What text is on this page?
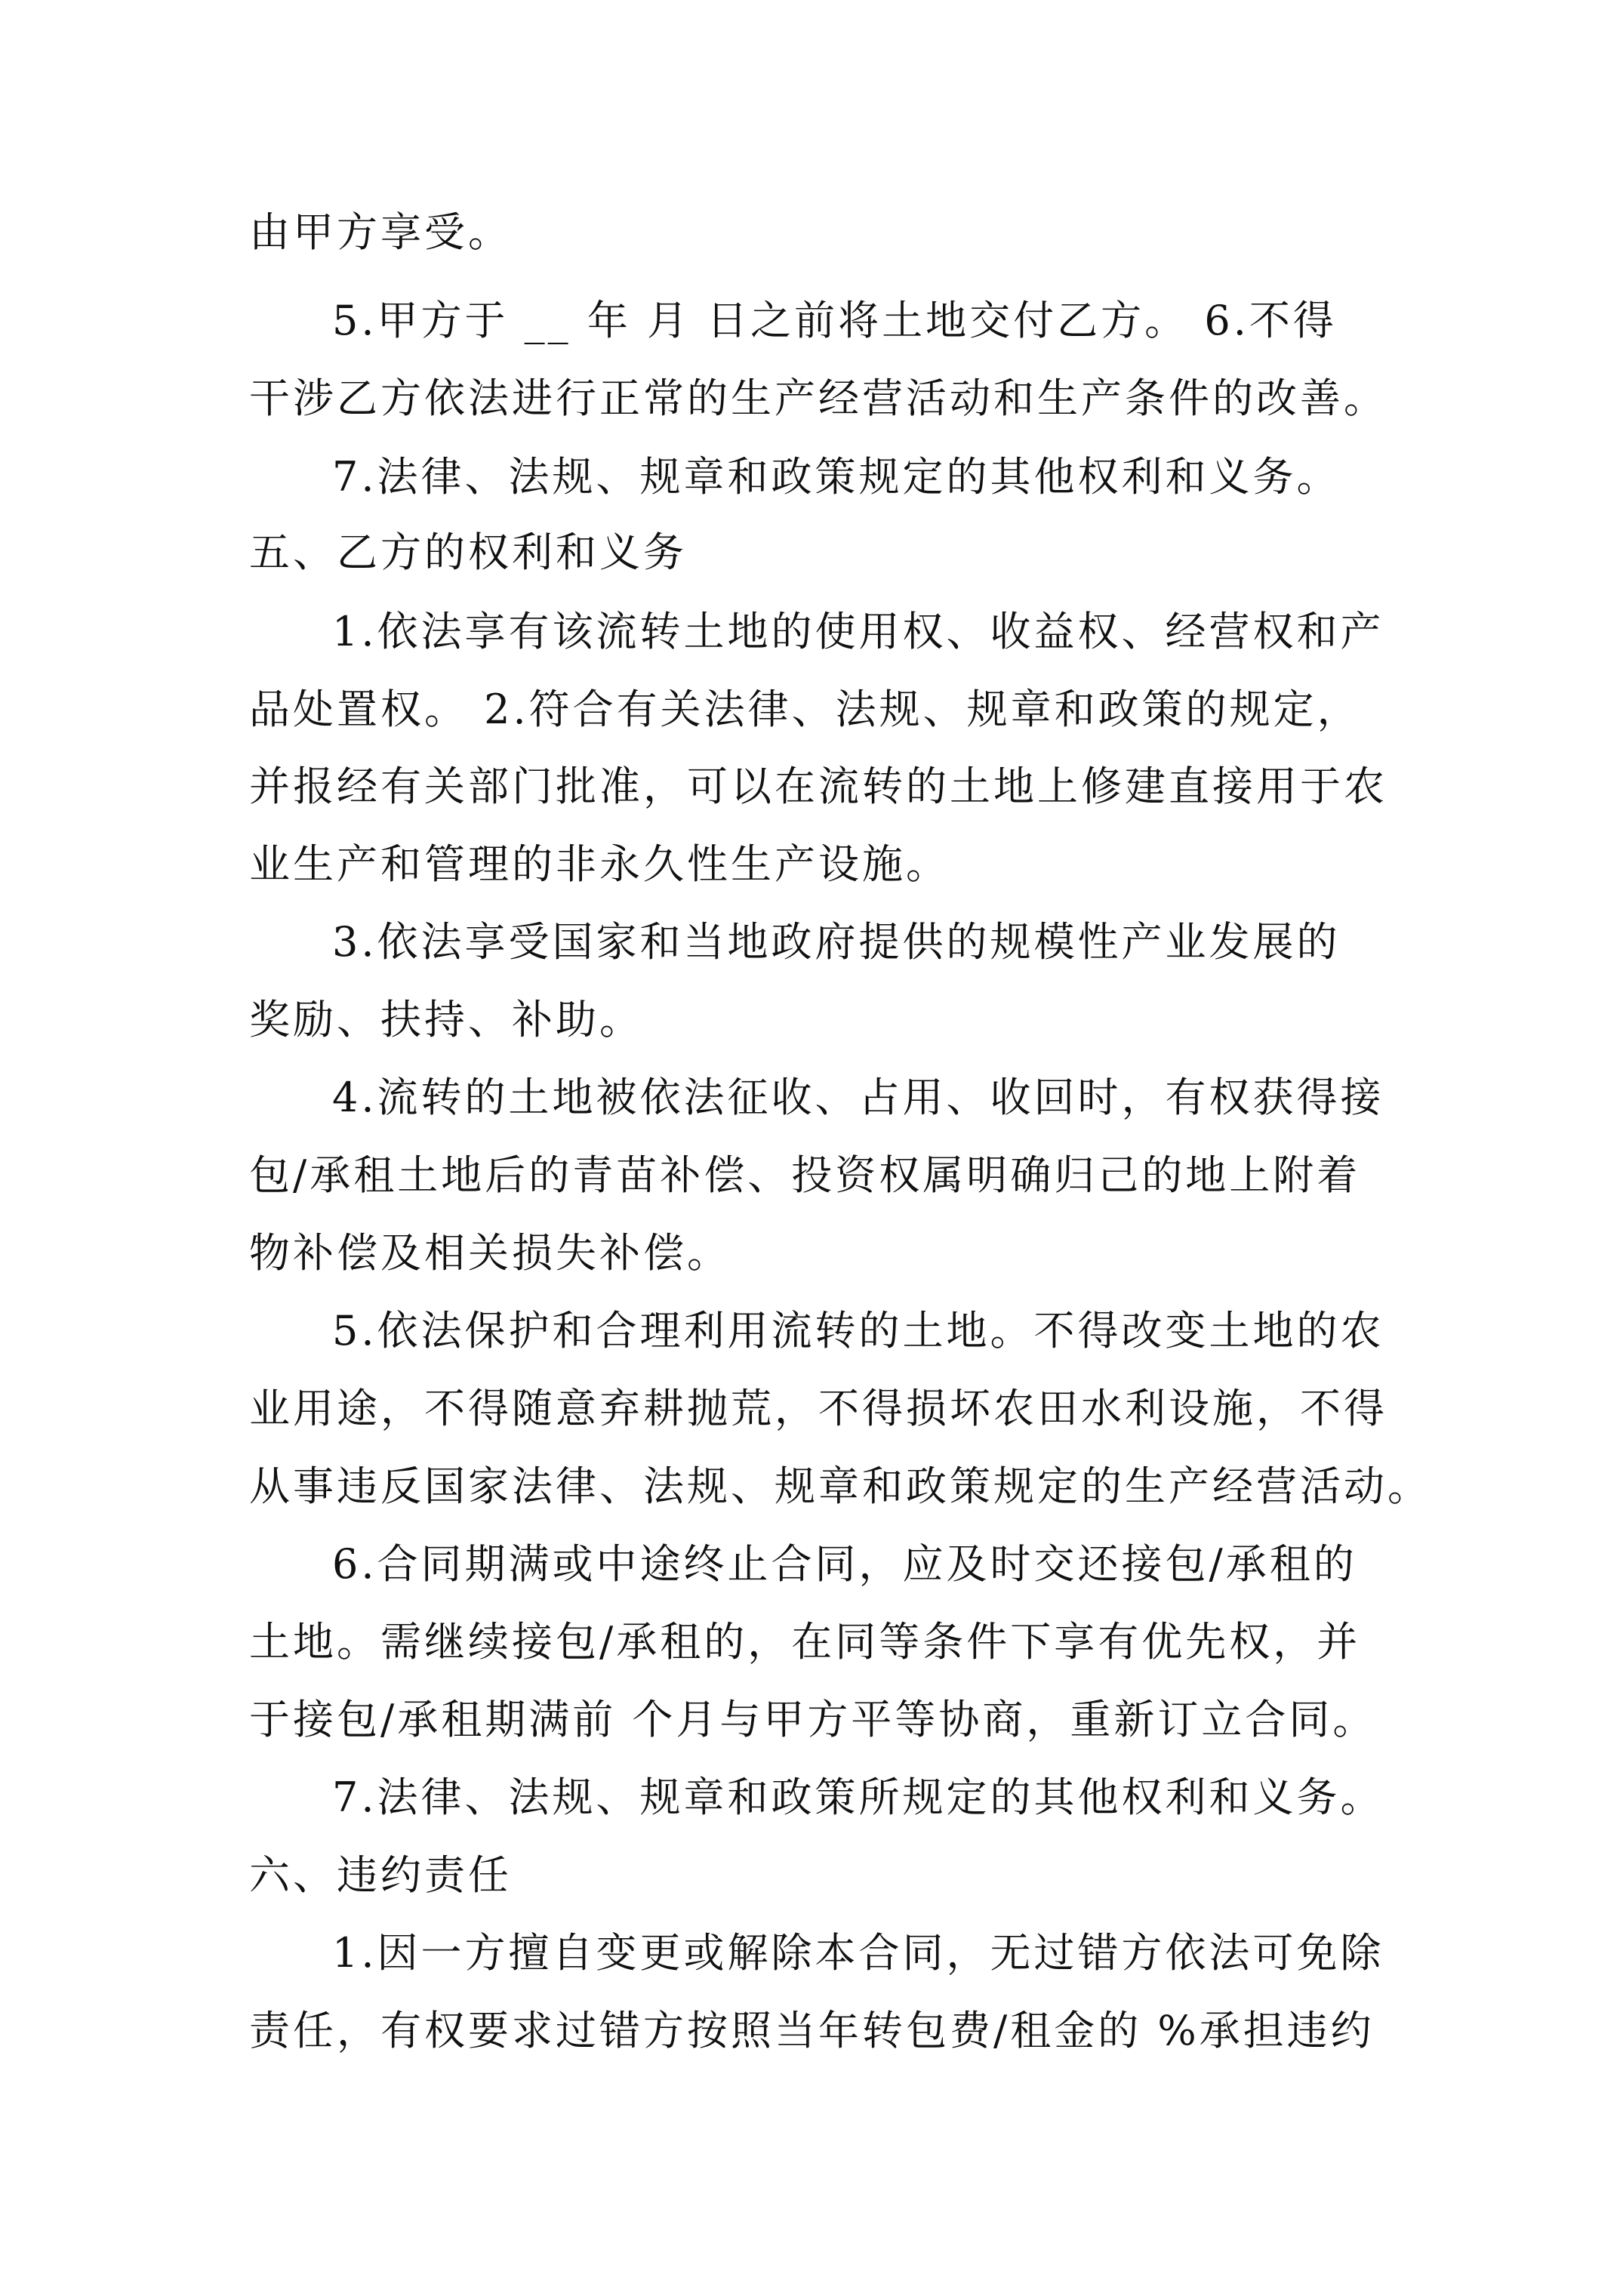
由甲方享受。
5.甲方于 __ 年 月 日之前将土地交付乙方。 6.不得
干涉乙方依法进行正常的生产经营活动和生产条件的改善。
7.法律、法规、规章和政策规定的其他权利和义务。
五、乙方的权利和义务
1.依法享有该流转土地的使用权、收益权、经营权和产
品处置权。 2.符合有关法律、法规、规章和政策的规定，
并报经有关部门批准，可以在流转的土地上修建直接用于农
业生产和管理的非永久性生产设施。
3.依法享受国家和当地政府提供的规模性产业发展的
奖励、扶持、补助。
4.流转的土地被依法征收、占用、收回时，有权获得接
包/承租土地后的青苗补偿、投资权属明确归己的地上附着
物补偿及相关损失补偿。
5.依法保护和合理利用流转的土地。不得改变土地的农
业用途，不得随意弃耕抛荒，不得损坏农田水利设施，不得
从事违反国家法律、法规、规章和政策规定的生产经营活动。
6.合同期满或中途终止合同，应及时交还接包/承租的
土地。需继续接包/承租的，在同等条件下享有优先权，并
于接包/承租期满前 个月与甲方平等协商，重新订立合同。
7.法律、法规、规章和政策所规定的其他权利和义务。
六、违约责任
1.因一方擅自变更或解除本合同，无过错方依法可免除
责任，有权要求过错方按照当年转包费/租金的 %承担违约
